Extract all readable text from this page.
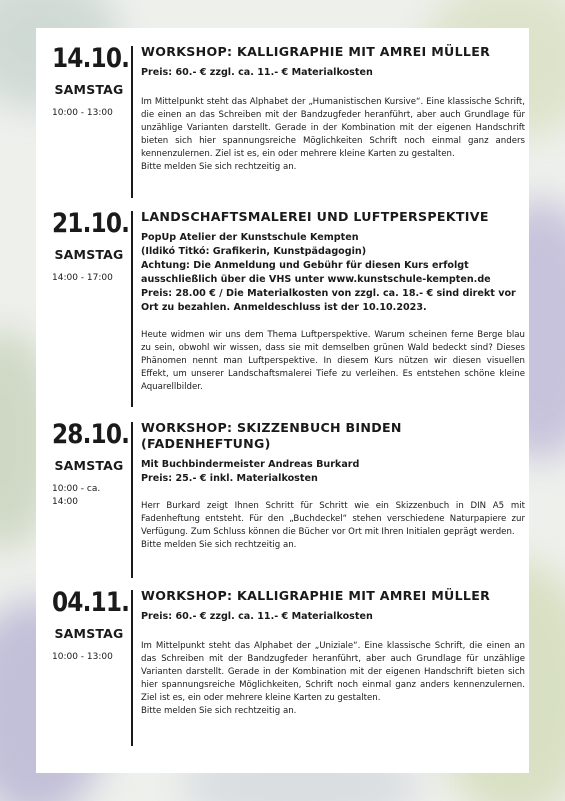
14.10.
SAMSTAG
10:00 - 13:00
WORKSHOP: KALLIGRAPHIE MIT AMREI MÜLLER
Preis: 60.- € zzgl. ca. 11.- € Materialkosten
Im Mittelpunkt steht das Alphabet der „Humanistischen Kursive“. Eine klassische Schrift, die einen an das Schreiben mit der Bandzugfeder heranführt, aber auch Grundlage für unzählige Varianten darstellt. Gerade in der Kombination mit der eigenen Handschrift bieten sich hier spannungsreiche Möglichkeiten Schrift noch einmal ganz anders kennenzulernen. Ziel ist es, ein oder mehrere kleine Karten zu gestalten.
Bitte melden Sie sich rechtzeitig an.
21.10.
SAMSTAG
14:00 - 17:00
LANDSCHAFTSMALEREI UND LUFTPERSPEKTIVE
PopUp Atelier der Kunstschule Kempten
(Ildikó Titkó: Grafikerin, Kunstpädagogin)
Achtung: Die Anmeldung und Gebühr für diesen Kurs erfolgt ausschließlich über die VHS unter www.kunstschule-kempten.de
Preis: 28.00 € / Die Materialkosten von zzgl. ca. 18.- € sind direkt vor Ort zu bezahlen. Anmeldeschluss ist der 10.10.2023.
Heute widmen wir uns dem Thema Luftperspektive. Warum scheinen ferne Berge blau zu sein, obwohl wir wissen, dass sie mit demselben grünen Wald bedeckt sind? Dieses Phänomen nennt man Luftperspektive. In diesem Kurs nützen wir diesen visuellen Effekt, um unserer Landschaftsmalerei Tiefe zu verleihen. Es entstehen schöne kleine Aquarellbilder.
28.10.
SAMSTAG
10:00 - ca. 14:00
WORKSHOP: SKIZZENBUCH BINDEN (FADENHEFTUNG)
Mit Buchbindermeister Andreas Burkard
Preis: 25.- € inkl. Materialkosten
Herr Burkard zeigt Ihnen Schritt für Schritt wie ein Skizzenbuch in DIN A5 mit Fadenheftung entsteht. Für den „Buchdeckel“ stehen verschiedene Naturpapiere zur Verfügung. Zum Schluss können die Bücher vor Ort mit Ihren Initialen geprägt werden.
Bitte melden Sie sich rechtzeitig an.
04.11.
SAMSTAG
10:00 - 13:00
WORKSHOP: KALLIGRAPHIE MIT AMREI MÜLLER
Preis: 60.- € zzgl. ca. 11.- € Materialkosten
Im Mittelpunkt steht das Alphabet der „Uniziale“. Eine klassische Schrift, die einen an das Schreiben mit der Bandzugfeder heranführt, aber auch Grundlage für unzählige Varianten darstellt. Gerade in der Kombination mit der eigenen Handschrift bieten sich hier spannungsreiche Möglichkeiten, Schrift noch einmal ganz anders kennenzulernen. Ziel ist es, ein oder mehrere kleine Karten zu gestalten.
Bitte melden Sie sich rechtzeitig an.
